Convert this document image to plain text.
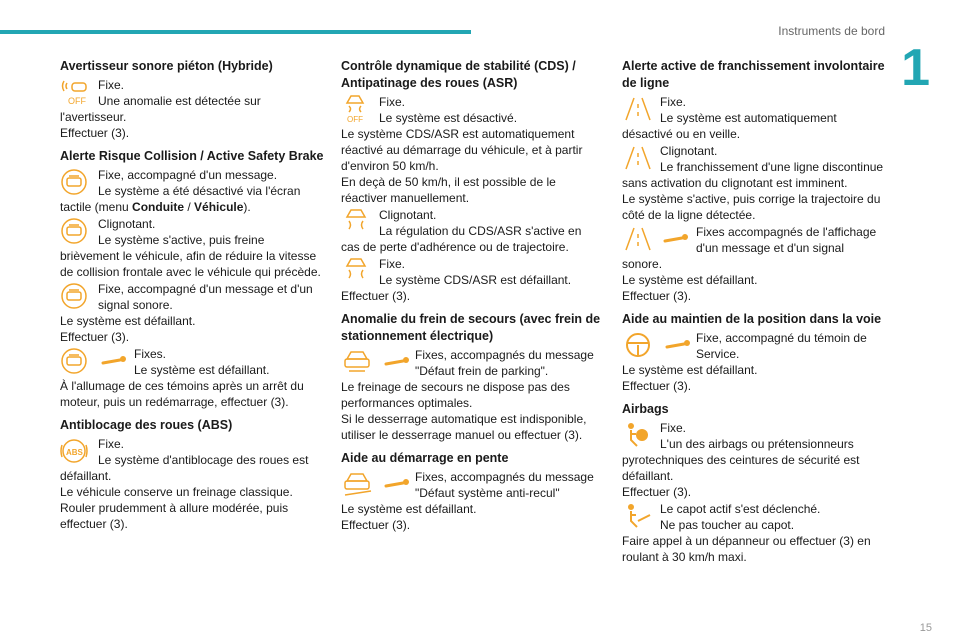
Instruments de bord
1
15
Avertisseur sonore piéton (Hybride)
OFF
Fixe.
Une anomalie est détectée sur
l'avertisseur.
Effectuer (3).
Alerte Risque Collision / Active Safety Brake
Fixe, accompagné d'un message.
Le système a été désactivé via l'écran
tactile (menu Conduite / Véhicule).
Clignotant.
Le système s'active, puis freine
brièvement le véhicule, afin de réduire la vitesse
de collision frontale avec le véhicule qui précède.
Fixe, accompagné d'un message et d'un
signal sonore.
Le système est défaillant.
Effectuer (3).
Fixes.
Le système est défaillant.
À l'allumage de ces témoins après un arrêt du
moteur, puis un redémarrage, effectuer (3).
Antiblocage des roues (ABS)
ABS
Fixe.
Le système d'antiblocage des roues est
défaillant.
Le véhicule conserve un freinage classique.
Rouler prudemment à allure modérée, puis
effectuer (3).
Contrôle dynamique de stabilité (CDS) / Antipatinage des roues (ASR)
OFF
Fixe.
Le système est désactivé.
Le système CDS/ASR est automatiquement
réactivé au démarrage du véhicule, et à partir
d'environ 50 km/h.
En deçà de 50 km/h, il est possible de le
réactiver manuellement.
Clignotant.
La régulation du CDS/ASR s'active en
cas de perte d'adhérence ou de trajectoire.
Fixe.
Le système CDS/ASR est défaillant.
Effectuer (3).
Anomalie du frein de secours (avec frein de stationnement électrique)
Fixes, accompagnés du message
"Défaut frein de parking".
Le freinage de secours ne dispose pas des
performances optimales.
Si le desserrage automatique est indisponible,
utiliser le desserrage manuel ou effectuer (3).
Aide au démarrage en pente
Fixes, accompagnés du message
"Défaut système anti-recul"
Le système est défaillant.
Effectuer (3).
Alerte active de franchissement involontaire de ligne
Fixe.
Le système est automatiquement
désactivé ou en veille.
Clignotant.
Le franchissement d'une ligne discontinue
sans activation du clignotant est imminent.
Le système s'active, puis corrige la trajectoire du
côté de la ligne détectée.
Fixes accompagnés de l'affichage
d'un message et d'un signal
sonore.
Le système est défaillant.
Effectuer (3).
Aide au maintien de la position dans la voie
Fixe, accompagné du témoin de
Service.
Le système est défaillant.
Effectuer (3).
Airbags
Fixe.
L'un des airbags ou prétensionneurs
pyrotechniques des ceintures de sécurité est
défaillant.
Effectuer (3).
Le capot actif s'est déclenché.
Ne pas toucher au capot.
Faire appel à un dépanneur ou effectuer (3) en
roulant à 30 km/h maxi.
